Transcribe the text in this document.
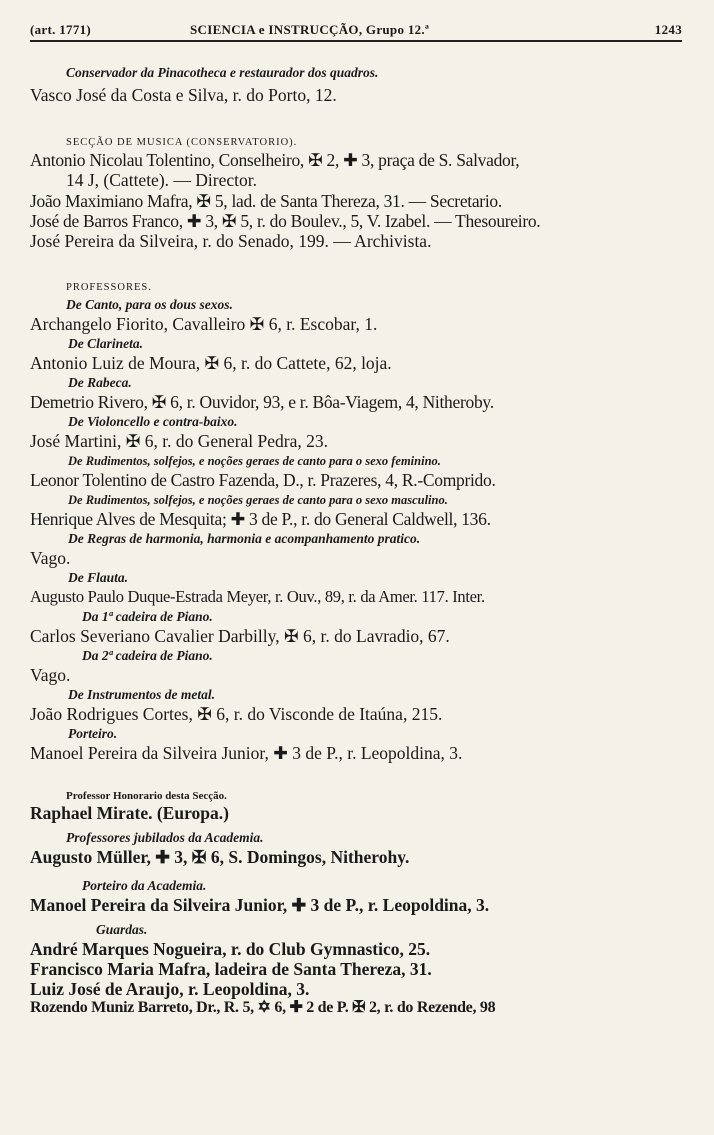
(art. 1771)	SCIENCIA e INSTRUCÇÃO, Grupo 12.ª	1243
Conservador da Pinacotheca e restaurador dos quadros.
Vasco José da Costa e Silva, r. do Porto, 12.
SECÇÃO DE MUSICA (CONSERVATORIO).
Antonio Nicolau Tolentino, Conselheiro, ✠ 2, ✚ 3, praça de S. Salvador,
14 J, (Cattete). — Director.
João Maximiano Mafra, ✠ 5, lad. de Santa Thereza, 31. — Secretario.
José de Barros Franco, ✚ 3, ✠ 5, r. do Boulev., 5, V. Izabel. — Thesoureiro.
José Pereira da Silveira, r. do Senado, 199. — Archivista.
PROFESSORES.
De Canto, para os dous sexos.
Archangelo Fiorito, Cavalleiro ✠ 6, r. Escobar, 1.
De Clarineta.
Antonio Luiz de Moura, ✠ 6, r. do Cattete, 62, loja.
De Rabeca.
Demetrio Rivero, ✠ 6, r. Ouvidor, 93, e r. Bôa-Viagem, 4, Nitheroby.
De Violoncello e contra-baixo.
José Martini, ✠ 6, r. do General Pedra, 23.
De Rudimentos, solfejos, e noções geraes de canto para o sexo feminino.
Leonor Tolentino de Castro Fazenda, D., r. Prazeres, 4, R.-Comprido.
De Rudimentos, solfejos, e noções geraes de canto para o sexo masculino.
Henrique Alves de Mesquita; ✚ 3 de P., r. do General Caldwell, 136.
De Regras de harmonia, harmonia e acompanhamento pratico.
Vago.
De Flauta.
Augusto Paulo Duque-Estrada Meyer, r. Ouv., 89, r. da Amer. 117. Inter.
Da 1ª cadeira de Piano.
Carlos Severiano Cavalier Darbilly, ✠ 6, r. do Lavradio, 67.
Da 2ª cadeira de Piano.
Vago.
De Instrumentos de metal.
João Rodrigues Cortes, ✠ 6, r. do Visconde de Itaúna, 215.
Porteiro.
Manoel Pereira da Silveira Junior, ✚ 3 de P., r. Leopoldina, 3.
Professor Honorario desta Secção.
Raphael Mirate. (Europa.)
Professores jubilados da Academia.
Augusto Müller, ✚ 3, ✠ 6, S. Domingos, Nitherohy.
Porteiro da Academia.
Manoel Pereira da Silveira Junior, ✚ 3 de P., r. Leopoldina, 3.
Guardas.
André Marques Nogueira, r. do Club Gymnastico, 25.
Francisco Maria Mafra, ladeira de Santa Thereza, 31.
Luiz José de Araujo, r. Leopoldina, 3.
Rozendo Muniz Barreto, Dr., R. 5, ✡ 6, ✚ 2 de P. ✠ 2, r. do Rezende, 98
